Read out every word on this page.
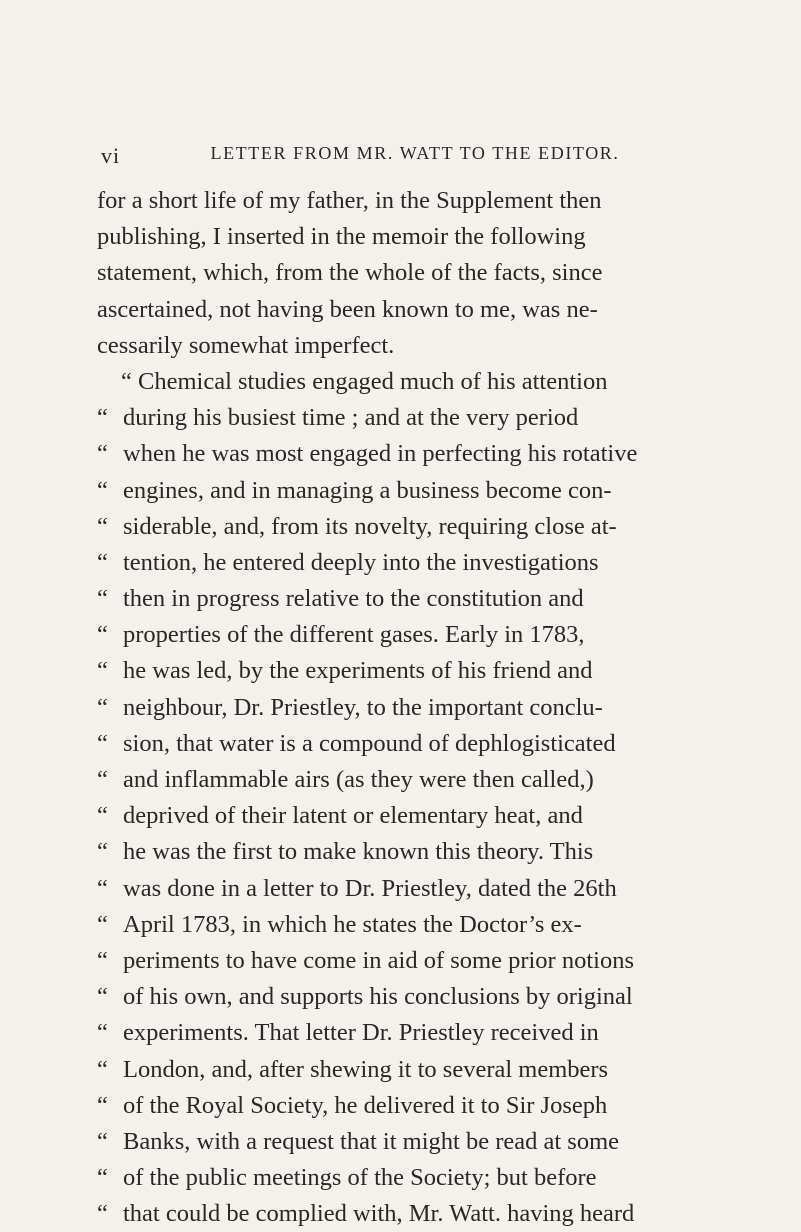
vi	LETTER FROM MR. WATT TO THE EDITOR.
for a short life of my father, in the Supplement then
publishing, I inserted in the memoir the following
statement, which, from the whole of the facts, since
ascertained, not having been known to me, was ne-
cessarily somewhat imperfect.
“ Chemical studies engaged much of his attention
“ during his busiest time ; and at the very period
“ when he was most engaged in perfecting his rotative
“ engines, and in managing a business become con-
“ siderable, and, from its novelty, requiring close at-
“ tention, he entered deeply into the investigations
“ then in progress relative to the constitution and
“ properties of the different gases. Early in 1783,
“ he was led, by the experiments of his friend and
“ neighbour, Dr. Priestley, to the important conclu-
“ sion, that water is a compound of dephlogisticated
“ and inflammable airs (as they were then called,)
“ deprived of their latent or elementary heat, and
“ he was the first to make known this theory. This
“ was done in a letter to Dr. Priestley, dated the 26th
“ April 1783, in which he states the Doctor’s ex-
“ periments to have come in aid of some prior notions
“ of his own, and supports his conclusions by original
“ experiments. That letter Dr. Priestley received in
“ London, and, after shewing it to several members
“ of the Royal Society, he delivered it to Sir Joseph
“ Banks, with a request that it might be read at some
“ of the public meetings of the Society; but before
“ that could be complied with, Mr. Watt. having heard
